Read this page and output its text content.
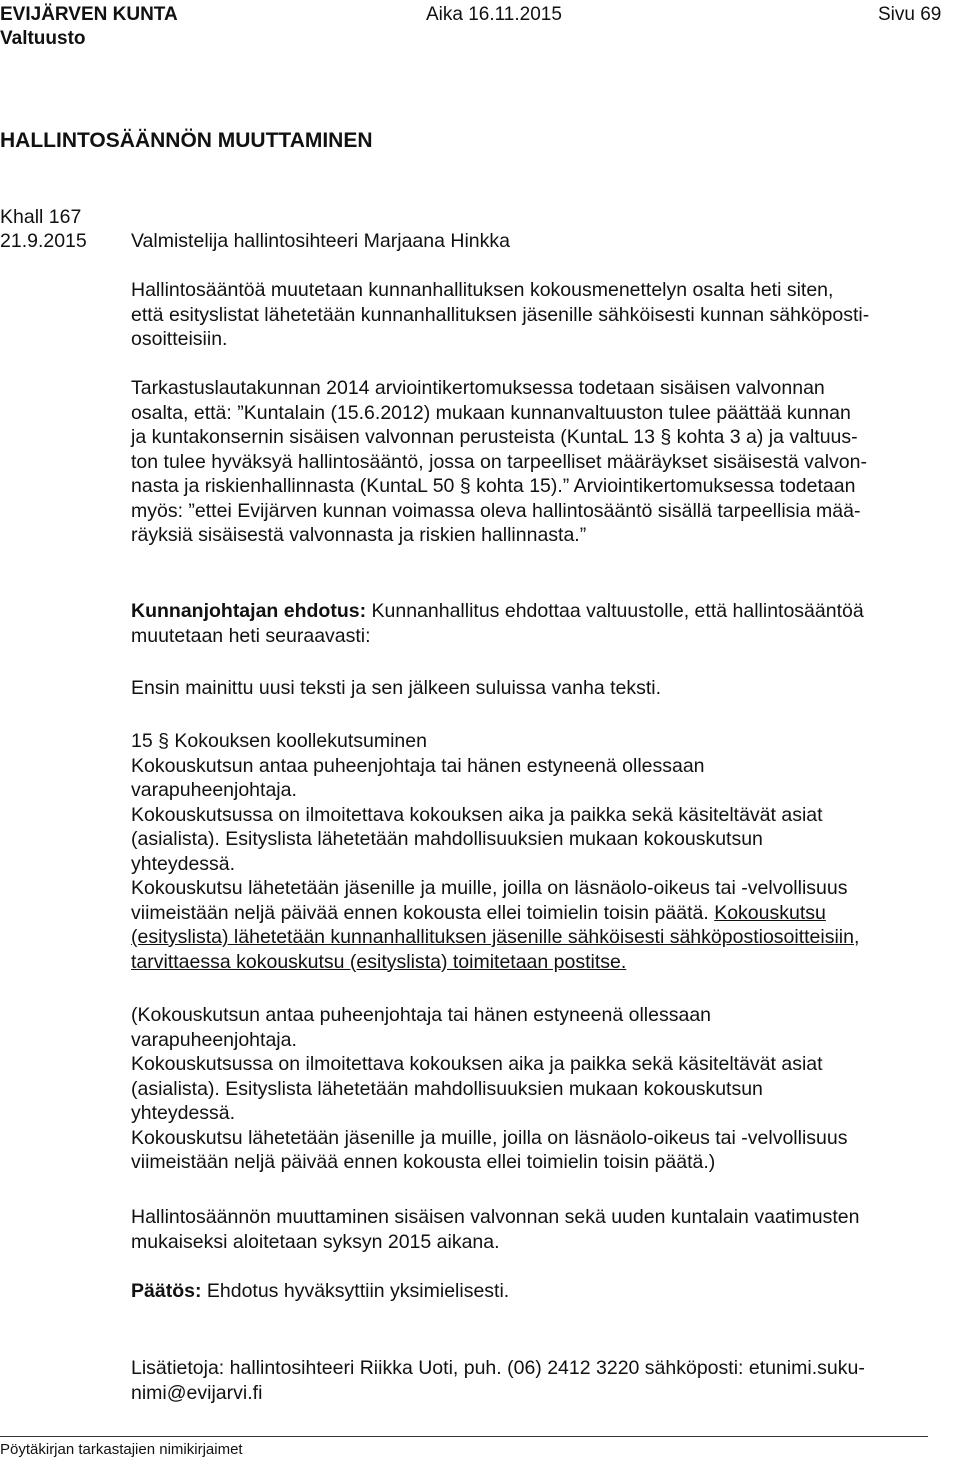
EVIJÄRVEN KUNTA	Aika 16.11.2015	Sivu 69
Valtuusto
HALLINTOSÄÄNNÖN MUUTTAMINEN
Khall 167
21.9.2015 Valmistelija hallintosihteeri Marjaana Hinkka

Hallintosääntöä muutetaan kunnanhallituksen kokousmenettelyn osalta heti siten,

että esityslistat lähetetään kunnanhallituksen jäsenille sähköisesti kunnan sähköposti-

osoitteisiin.

Tarkastuslautakunnan 2014 arviointikertomuksessa todetaan sisäisen valvonnan

osalta, että: ”Kuntalain (15.6.2012) mukaan kunnanvaltuuston tulee päättää kunnan

ja kuntakonsernin sisäisen valvonnan perusteista (KuntaL 13 § kohta 3 a) ja valtuus-

ton tulee hyväksyä hallintosääntö, jossa on tarpeelliset määräykset sisäisestä valvon-

nasta ja riskienhallinnasta (KuntaL 50 § kohta 15).” Arviointikertomuksessa todetaan

myös: ”ettei Evijärven kunnan voimassa oleva hallintosääntö sisällä tarpeellisia mää-

räyksiä sisäisestä valvonnasta ja riskien hallinnasta.”

Kunnanjohtajan ehdotus: Kunnanhallitus ehdottaa valtuustolle, että hallintosääntöä

muutetaan heti seuraavasti:

Ensin mainittu uusi teksti ja sen jälkeen suluissa vanha teksti.

15 § Kokouksen koollekutsuminen

Kokouskutsun antaa puheenjohtaja tai hänen estyneenä ollessaan

varapuheenjohtaja.

Kokouskutsussa on ilmoitettava kokouksen aika ja paikka sekä käsiteltävät asiat

(asialista). Esityslista lähetetään mahdollisuuksien mukaan kokouskutsun

yhteydessä.

Kokouskutsu lähetetään jäsenille ja muille, joilla on läsnäolo-oikeus tai -velvollisuus

viimeistään neljä päivää ennen kokousta ellei toimielin toisin päätä. Kokouskutsu

(esityslista) lähetetään kunnanhallituksen jäsenille sähköisesti sähköpostiosoitteisiin,

tarvittaessa kokouskutsu (esityslista) toimitetaan postitse.

(Kokouskutsun antaa puheenjohtaja tai hänen estyneenä ollessaan

varapuheenjohtaja.

Kokouskutsussa on ilmoitettava kokouksen aika ja paikka sekä käsiteltävät asiat

(asialista). Esityslista lähetetään mahdollisuuksien mukaan kokouskutsun

yhteydessä.

Kokouskutsu lähetetään jäsenille ja muille, joilla on läsnäolo-oikeus tai -velvollisuus

viimeistään neljä päivää ennen kokousta ellei toimielin toisin päätä.)

Hallintosäännön muuttaminen sisäisen valvonnan sekä uuden kuntalain vaatimusten

mukaiseksi aloitetaan syksyn 2015 aikana.

Päätös: Ehdotus hyväksyttiin yksimielisesti.

Lisätietoja: hallintosihteeri Riikka Uoti, puh. (06) 2412 3220 sähköposti: etunimi.suku-

nimi@evijarvi.fi

Pöytäkirjan tarkastajien nimikirjaimet
